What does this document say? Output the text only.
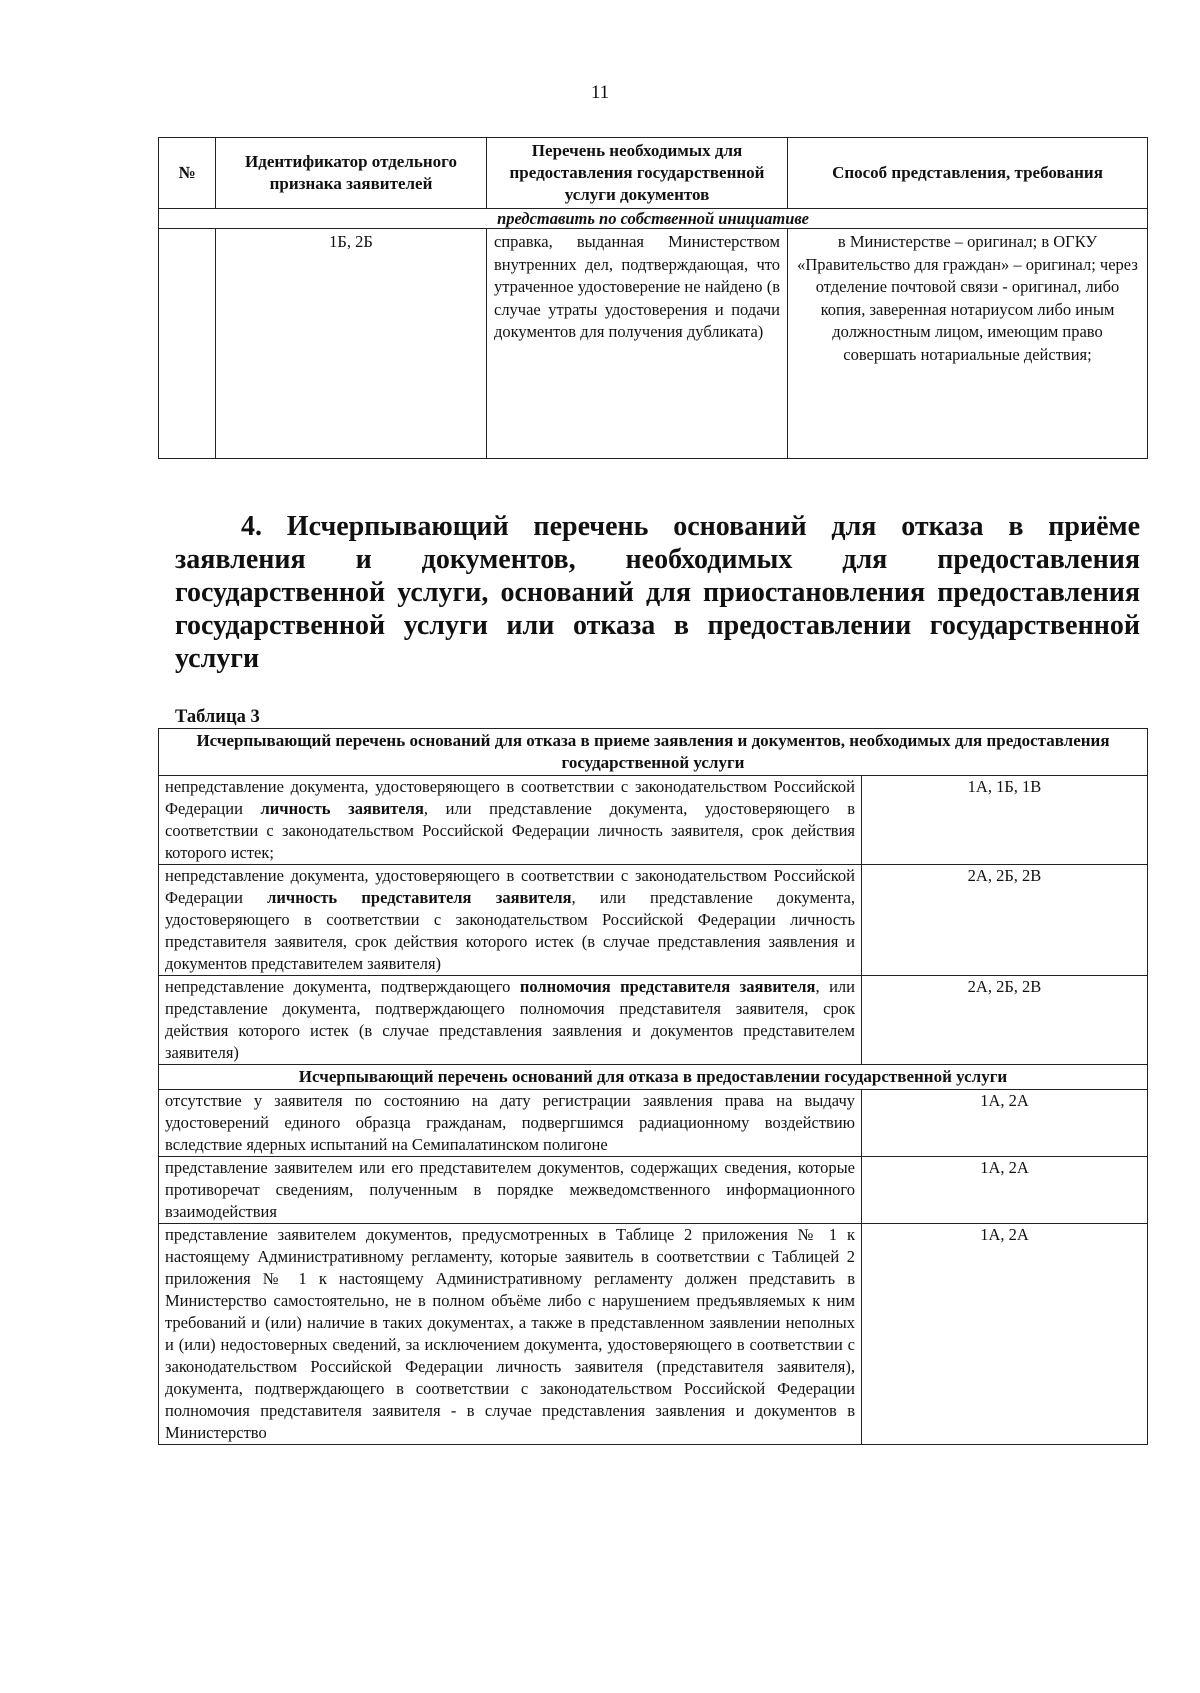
11
№	Идентификатор отдельного признака заявителей	Перечень необходимых для предоставления государственной услуги документов	Способ представления, требования
представить по собственной инициативе			
	1Б, 2Б	справка, выданная Министерством внутренних дел, подтверждающая, что утраченное удостоверение не найдено (в случае утраты удостоверения и подачи документов для получения дубликата)	в Министерстве – оригинал; в ОГКУ «Правительство для граждан» – оригинал; через отделение почтовой связи - оригинал, либо копия, заверенная нотариусом либо иным должностным лицом, имеющим право совершать нотариальные действия;
4. Исчерпывающий перечень оснований для отказа в приёме заявления и документов, необходимых для предоставления государственной услуги, оснований для приостановления предоставления государственной услуги или отказа в предоставлении государственной услуги
Таблица 3
Исчерпывающий перечень оснований для отказа в приеме заявления и документов, необходимых для предоставления государственной услуги	
непредставление документа, удостоверяющего в соответствии с законодательством Российской Федерации личность заявителя, или представление документа, удостоверяющего в соответствии с законодательством Российской Федерации личность заявителя, срок действия которого истек;	1А, 1Б, 1В
непредставление документа, удостоверяющего в соответствии с законодательством Российской Федерации личность представителя заявителя, или представление документа, удостоверяющего в соответствии с законодательством Российской Федерации личность представителя заявителя, срок действия которого истек (в случае представления заявления и документов представителем заявителя)	2А, 2Б, 2В
непредставление документа, подтверждающего полномочия представителя заявителя, или представление документа, подтверждающего полномочия представителя заявителя, срок действия которого истек (в случае представления заявления и документов представителем заявителя)	2А, 2Б, 2В
Исчерпывающий перечень оснований для отказа в предоставлении государственной услуги	
отсутствие у заявителя по состоянию на дату регистрации заявления права на выдачу удостоверений единого образца гражданам, подвергшимся радиационному воздействию вследствие ядерных испытаний на Семипалатинском полигоне	1А, 2А
представление заявителем или его представителем документов, содержащих сведения, которые противоречат сведениям, полученным в порядке межведомственного информационного взаимодействия	1А, 2А
представление заявителем документов, предусмотренных в Таблице 2 приложения № 1 к настоящему Административному регламенту, которые заявитель в соответствии с Таблицей 2 приложения № 1 к настоящему Административному регламенту должен представить в Министерство самостоятельно, не в полном объёме либо с нарушением предъявляемых к ним требований и (или) наличие в таких документах, а также в представленном заявлении неполных и (или) недостоверных сведений, за исключением документа, удостоверяющего в соответствии с законодательством Российской Федерации личность заявителя (представителя заявителя), документа, подтверждающего в соответствии с законодательством Российской Федерации полномочия представителя заявителя - в случае представления заявления и документов в Министерство	1А, 2А
